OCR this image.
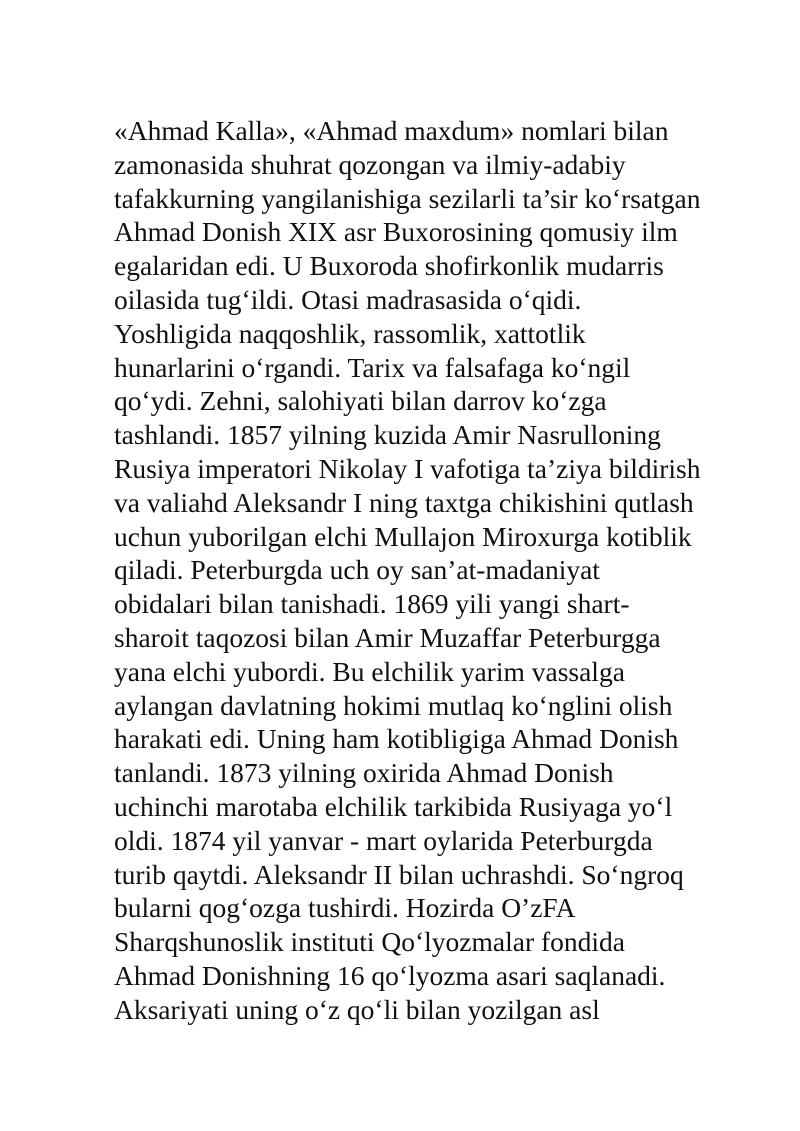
«Ahmad Kalla», «Ahmad maxdum» nomlari bilan
zamonasida shuhrat qozongan va ilmiy-adabiy
tafakkurning yangilanishiga sezilarli ta’sir ko‘rsatgan
Ahmad Donish XIX asr Buxorosining qomusiy ilm
egalaridan edi. U Buxoroda shofirkonlik mudarris
oilasida tug‘ildi. Otasi madrasasida o‘qidi.
Yoshligida naqqoshlik, rassomlik, xattotlik
hunarlarini o‘rgandi. Tarix va falsafaga ko‘ngil
qo‘ydi. Zehni, salohiyati bilan darrov ko‘zga
tashlandi. 1857 yilning kuzida Amir Nasrulloning
Rusiya imperatori Nikolay I vafotiga ta’ziya bildirish
va valiahd Aleksandr I ning taxtga chikishini qutlash
uchun yuborilgan elchi Mullajon Miroxurga kotiblik
qiladi. Peterburgda uch oy san’at-madaniyat
obidalari bilan tanishadi. 1869 yili yangi shart-
sharoit taqozosi bilan Amir Muzaffar Peterburgga
yana elchi yubordi. Bu elchilik yarim vassalga
aylangan davlatning hokimi mutlaq ko‘nglini olish
harakati edi. Uning ham kotibligiga Ahmad Donish
tanlandi. 1873 yilning oxirida Ahmad Donish
uchinchi marotaba elchilik tarkibida Rusiyaga yo‘l
oldi. 1874 yil yanvar - mart oylarida Peterburgda
turib qaytdi. Aleksandr II bilan uchrashdi. So‘ngroq
bularni qog‘ozga tushirdi. Hozirda O’zFA
Sharqshunoslik instituti Qo‘lyozmalar fondida
Ahmad Donishning 16 qo‘lyozma asari saqlanadi.
Aksariyati uning o‘z qo‘li bilan yozilgan asl
